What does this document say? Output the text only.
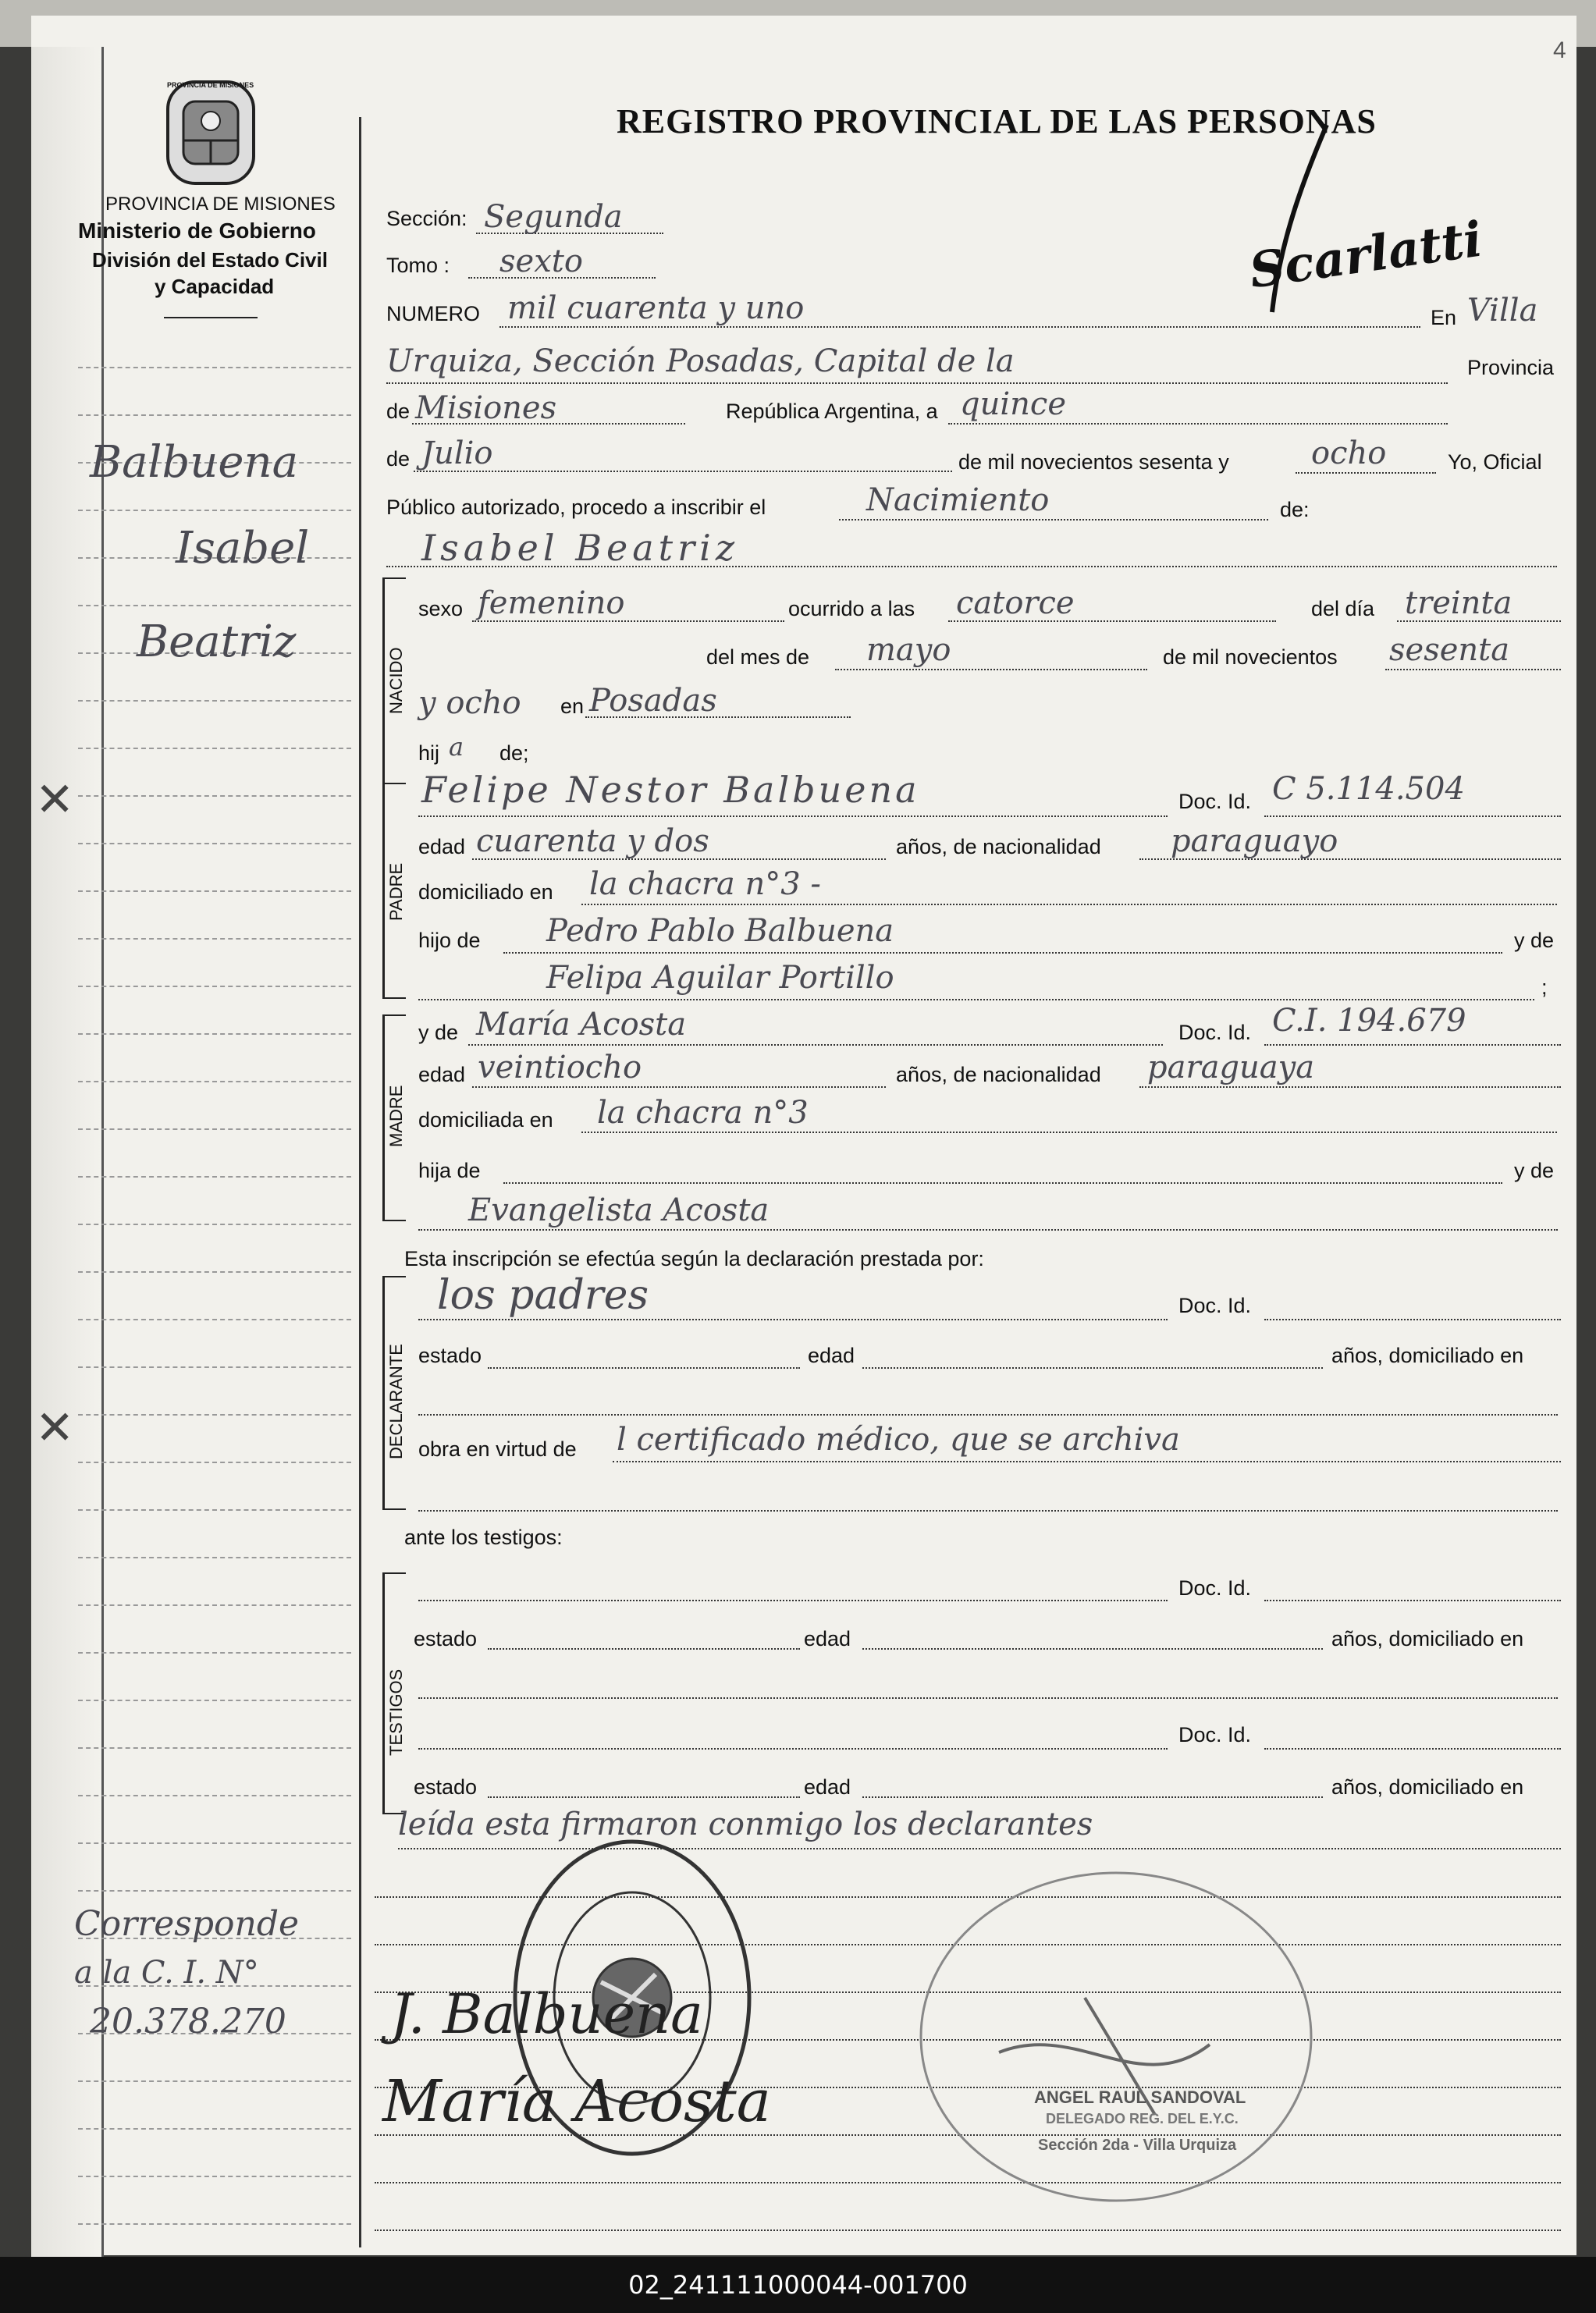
✕
✕
PROVINCIA DE MISIONES
PROVINCIA DE MISIONES
Ministerio de Gobierno
División del Estado Civil
y Capacidad
REGISTRO PROVINCIAL DE LAS PERSONAS
4
Balbuena
Isabel
Beatriz
Corresponde
a la C. I. N°
20.378.270
Scarlatti
Sección: Segunda
Tomo : sexto
NUMERO mil cuarenta y uno	En Villa
Urquiza, Sección Posadas, Capital de la	Provincia
de Misiones	República Argentina, a quince
de Julio	de mil novecientos sesenta y	ocho	Yo, Oficial
Público autorizado, procedo a inscribir el	Nacimiento	de:
Isabel Beatriz
NACIDO
sexo femenino	ocurrido a las catorce	del día treinta
del mes de mayo	de mil novecientos sesenta
y ocho en Posadas
hij a de;
PADRE
Felipe Nestor Balbuena	Doc. Id. C 5.114.504
edad cuarenta y dos	años, de nacionalidad paraguayo
domiciliado en la chacra n°3 -
hijo de Pedro Pablo Balbuena	y de
Felipa Aguilar Portillo	;
MADRE
y de María Acosta	Doc. Id. C.I. 194.679
edad veintiocho	años, de nacionalidad paraguaya
domiciliada en la chacra n°3
hija de	y de
Evangelista Acosta
Esta inscripción se efectúa según la declaración prestada por:
DECLARANTE
los padres	Doc. Id.
estado	edad	años, domiciliado en
obra en virtud de l certificado médico, que se archiva
ante los testigos:
TESTIGOS
Doc. Id.
estado	edad	años, domiciliado en
Doc. Id.
estado	edad	años, domiciliado en
leída esta firmaron conmigo los declarantes
ANGEL RAUL SANDOVAL
DELEGADO REG. DEL E.Y.C.
Sección 2da - Villa Urquiza
J. Balbuena
María Acosta
02_241111000044-001700
